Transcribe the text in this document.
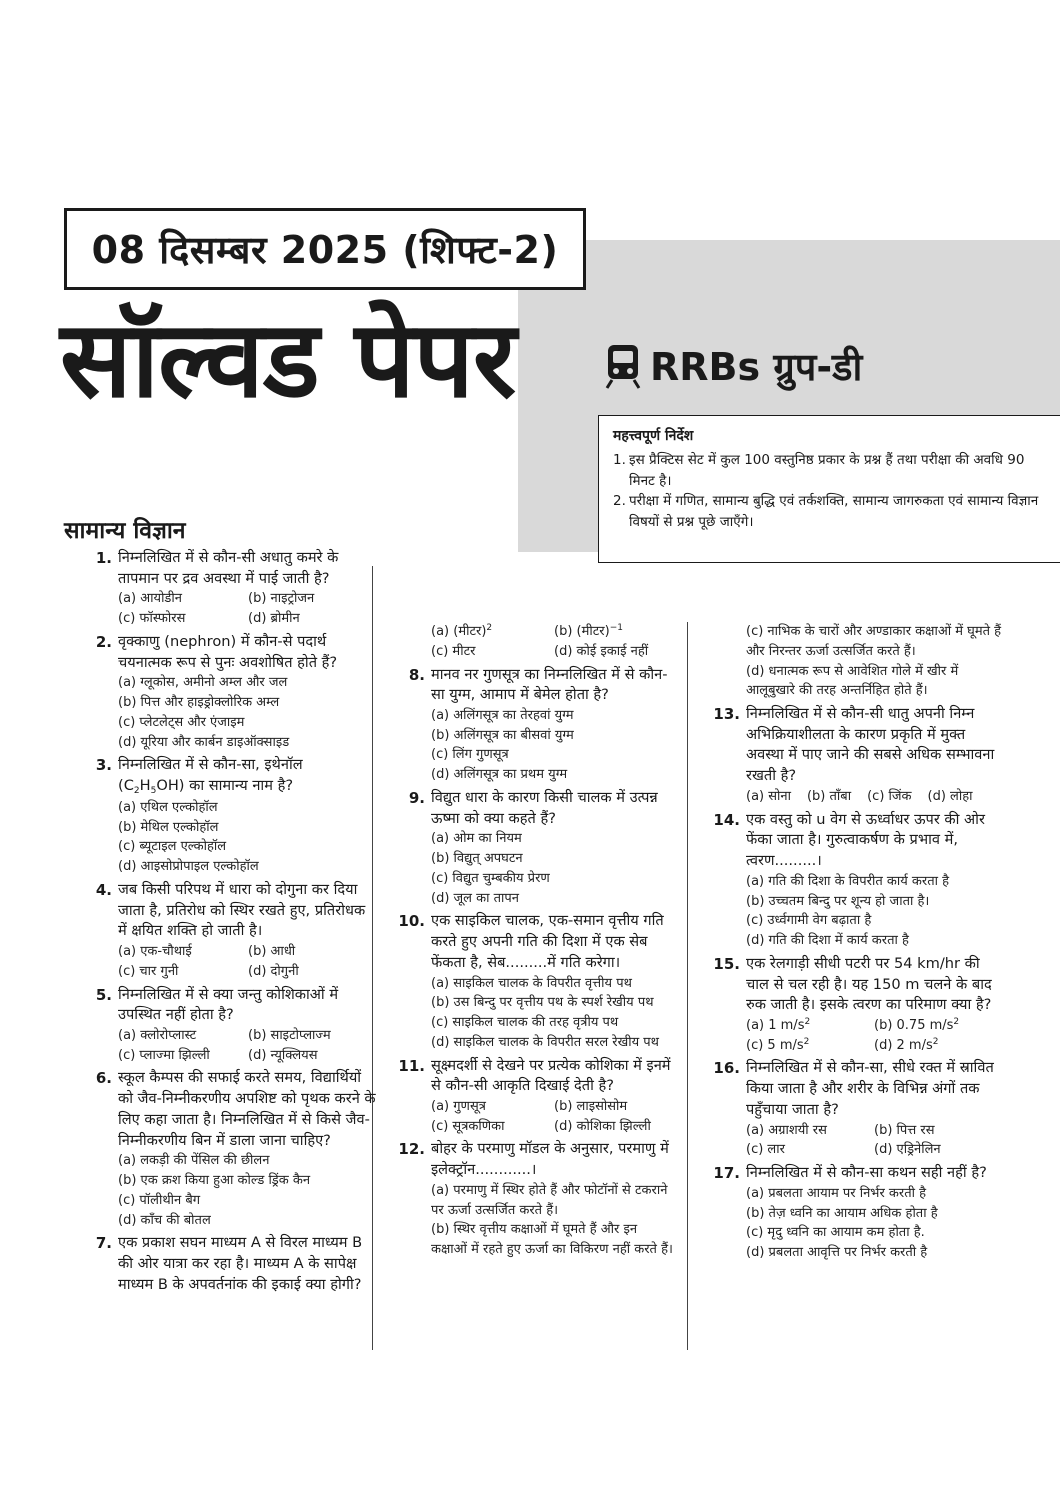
08 दिसम्बर 2025 (शिफ्ट-2)
सॉल्वड पेपर	RRBs ग्रुप-डी
महत्त्वपूर्ण निर्देश
1. इस प्रैक्टिस सेट में कुल 100 वस्तुनिष्ठ प्रकार के प्रश्न हैं तथा परीक्षा की अवधि 90 मिनट है।
2. परीक्षा में गणित, सामान्य बुद्धि एवं तर्कशक्ति, सामान्य जागरुकता एवं सामान्य विज्ञान विषयों से प्रश्न पूछे जाएँगे।
सामान्य विज्ञान
1. निम्नलिखित में से कौन-सी अधातु कमरे के तापमान पर द्रव अवस्था में पाई जाती है?
(a) आयोडीन	(b) नाइट्रोजन
(c) फॉस्फोरस	(d) ब्रोमीन
2. वृक्काणु (nephron) में कौन-से पदार्थ चयनात्मक रूप से पुनः अवशोषित होते हैं?
(a) ग्लूकोस, अमीनो अम्ल और जल
(b) पित्त और हाइड्रोक्लोरिक अम्ल
(c) प्लेटलेट्स और एंजाइम
(d) यूरिया और कार्बन डाइऑक्साइड
3. निम्नलिखित में से कौन-सा, इथेनॉल
$(C_2H_5OH)$ का सामान्य नाम है?
(a) एथिल एल्कोहॉल
(b) मेथिल एल्कोहॉल
(c) ब्यूटाइल एल्कोहॉल
(d) आइसोप्रोपाइल एल्कोहॉल
4. जब किसी परिपथ में धारा को दोगुना कर दिया जाता है, प्रतिरोध को स्थिर रखते हुए, प्रतिरोधक में क्षयित शक्ति हो जाती है।
(a) एक-चौथाई	(b) आधी
(c) चार गुनी	(d) दोगुनी
5. निम्नलिखित में से क्या जन्तु कोशिकाओं में उपस्थित नहीं होता है?
(a) क्लोरोप्लास्ट	(b) साइटोप्लाज्म
(c) प्लाज्मा झिल्ली	(d) न्यूक्लियस
6. स्कूल कैम्पस की सफाई करते समय, विद्यार्थियों को जैव-निम्नीकरणीय अपशिष्ट को पृथक करने के लिए कहा जाता है। निम्नलिखित में से किसे जैव-निम्नीकरणीय बिन में डाला जाना चाहिए?
(a) लकड़ी की पेंसिल की छीलन
(b) एक क्रश किया हुआ कोल्ड ड्रिंक कैन
(c) पॉलीथीन बैग
(d) काँच की बोतल
7. एक प्रकाश सघन माध्यम A से विरल माध्यम B की ओर यात्रा कर रहा है। माध्यम A के सापेक्ष माध्यम B के अपवर्तनांक की इकाई क्या होगी?
(a) (मीटर)$^2$	(b) (मीटर)$^{-1}$
(c) मीटर	(d) कोई इकाई नहीं
8. मानव नर गुणसूत्र का निम्नलिखित में से कौन-सा युग्म, आमाप में बेमेल होता है?
(a) अलिंगसूत्र का तेरहवां युग्म
(b) अलिंगसूत्र का बीसवां युग्म
(c) लिंग गुणसूत्र
(d) अलिंगसूत्र का प्रथम युग्म
9. विद्युत धारा के कारण किसी चालक में उत्पन्न ऊष्मा को क्या कहते हैं?
(a) ओम का नियम
(b) विद्युत् अपघटन
(c) विद्युत चुम्बकीय प्रेरण
(d) जूल का तापन
10. एक साइकिल चालक, एक-समान वृत्तीय गति करते हुए अपनी गति की दिशा में एक सेब फेंकता है, सेब.........में गति करेगा।
(a) साइकिल चालक के विपरीत वृत्तीय पथ
(b) उस बिन्दु पर वृत्तीय पथ के स्पर्श रेखीय पथ
(c) साइकिल चालक की तरह वृत्रीय पथ
(d) साइकिल चालक के विपरीत सरल रेखीय पथ
11. सूक्ष्मदर्शी से देखने पर प्रत्येक कोशिका में इनमें से कौन-सी आकृति दिखाई देती है?
(a) गुणसूत्र	(b) लाइसोसोम
(c) सूत्रकणिका	(d) कोशिका झिल्ली
12. बोहर के परमाणु मॉडल के अनुसार, परमाणु में इलेक्ट्रॉन............।
(a) परमाणु में स्थिर होते हैं और फोटॉनों से टकराने पर ऊर्जा उत्सर्जित करते हैं।
(b) स्थिर वृत्तीय कक्षाओं में घूमते हैं और इन कक्षाओं में रहते हुए ऊर्जा का विकिरण नहीं करते हैं।
(c) नाभिक के चारों और अण्डाकार कक्षाओं में घूमते हैं और निरन्तर ऊर्जा उत्सर्जित करते हैं।
(d) धनात्मक रूप से आवेशित गोले में खीर में आलूबुखारे की तरह अन्तर्निहित होते हैं।
13. निम्नलिखित में से कौन-सी धातु अपनी निम्न अभिक्रियाशीलता के कारण प्रकृति में मुक्त अवस्था में पाए जाने की सबसे अधिक सम्भावना रखती है?
(a) सोना (b) ताँबा (c) जिंक (d) लोहा
14. एक वस्तु को u वेग से ऊर्ध्वाधर ऊपर की ओर फेंका जाता है। गुरुत्वाकर्षण के प्रभाव में, त्वरण.........।
(a) गति की दिशा के विपरीत कार्य करता है
(b) उच्चतम बिन्दु पर शून्य हो जाता है।
(c) उर्ध्वगामी वेग बढ़ाता है
(d) गति की दिशा में कार्य करता है
15. एक रेलगाड़ी सीधी पटरी पर 54 km/hr की चाल से चल रही है। यह 150 m चलने के बाद रुक जाती है। इसके त्वरण का परिमाण क्या है?
(a) 1 $m/s^2$	(b) 0.75 $m/s^2$
(c) 5 $m/s^2$	(d) 2 $m/s^2$
16. निम्नलिखित में से कौन-सा, सीधे रक्त में स्रावित किया जाता है और शरीर के विभिन्न अंगों तक पहुँचाया जाता है?
(a) अग्राशयी रस	(b) पित्त रस
(c) लार	(d) एड्रिनेलिन
17. निम्नलिखित में से कौन-सा कथन सही नहीं है?
(a) प्रबलता आयाम पर निर्भर करती है
(b) तेज़ ध्वनि का आयाम अधिक होता है
(c) मृदु ध्वनि का आयाम कम होता है.
(d) प्रबलता आवृत्ति पर निर्भर करती है
